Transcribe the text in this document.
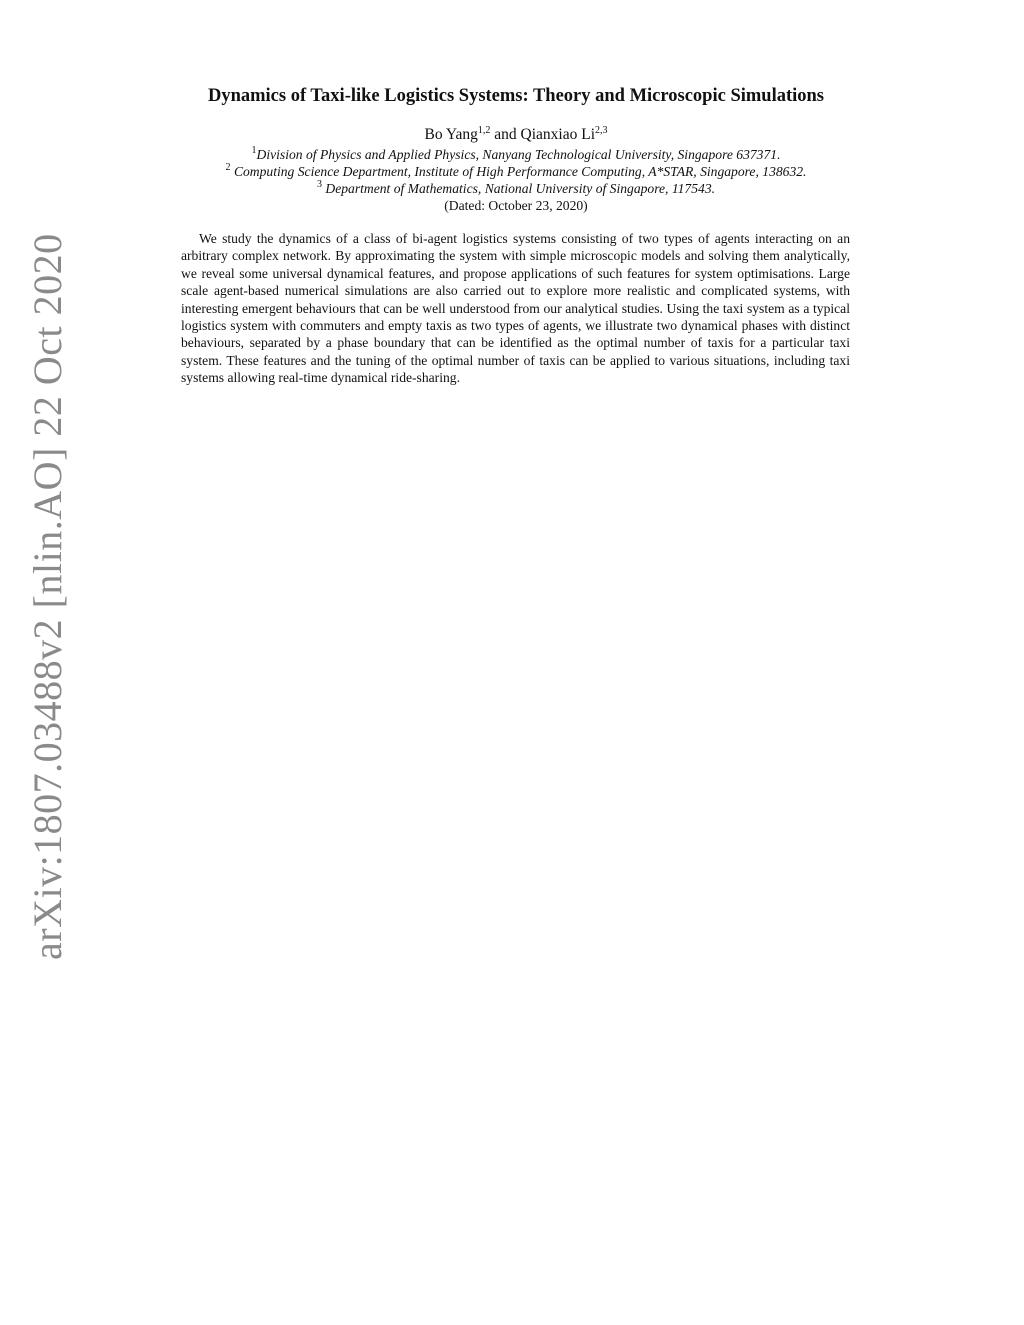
arXiv:1807.03488v2 [nlin.AO] 22 Oct 2020
Dynamics of Taxi-like Logistics Systems: Theory and Microscopic Simulations
Bo Yang$^{1,2}$ and Qianxiao Li$^{2,3}$
$^1$Division of Physics and Applied Physics, Nanyang Technological University, Singapore 637371.
$^2$ Computing Science Department, Institute of High Performance Computing, A*STAR, Singapore, 138632.
$^3$ Department of Mathematics, National University of Singapore, 117543.
(Dated: October 23, 2020)
We study the dynamics of a class of bi-agent logistics systems consisting of two types of agents interacting on an arbitrary complex network. By approximating the system with simple microscopic models and solving them analytically, we reveal some universal dynamical features, and propose applications of such features for system optimisations. Large scale agent-based numerical simulations are also carried out to explore more realistic and complicated systems, with interesting emergent behaviours that can be well understood from our analytical studies. Using the taxi system as a typical logistics system with commuters and empty taxis as two types of agents, we illustrate two dynamical phases with distinct behaviours, separated by a phase boundary that can be identified as the optimal number of taxis for a particular taxi system. These features and the tuning of the optimal number of taxis can be applied to various situations, including taxi systems allowing real-time dynamical ride-sharing.
